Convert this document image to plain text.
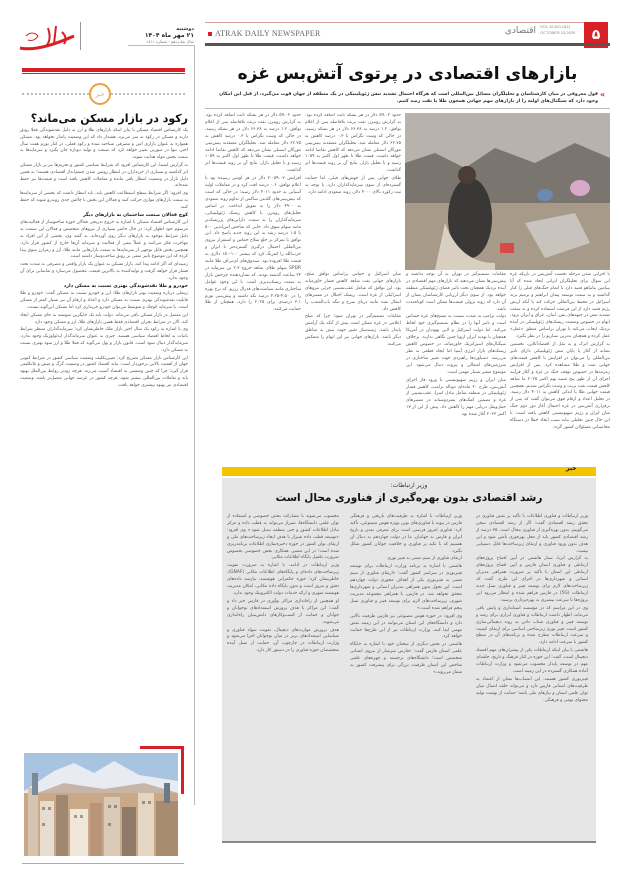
۵
VOL.16,NO.1811
OCTOBER 13.2025
اقتصادی
ATRAK DAILY NEWSPAPER
دوشنبه
۲۱ مهر ماه ۱۴۰۴
سال شانزدهم - شماره ۱۸۱۱
خبر
رکود در بازار مسکن می‌ماند؟

یک کارشناس اقتصاد مسکن با بیان اینکه بازارهای طلا و ارز به دلیل نقدشوندگی فعلا رونق دارند و مسکن در رکود به سر می‌برد، هشدار داد که این وضعیت پایدار نخواهد بود. مسکن همواره به عنوان بازاری امن و مصرفی شناخته شده و رکود فعلی، در کنار تورم هفت سال اخیر، تنها در صورتی تغییر خواهد کرد که صنعت و تولید دوباره جان بگیرد و سرمایه‌ها به سمت بخش مولد هدایت شوند.

به گزارش ایسنا، این کارشناس افزود که شرایط سیاسی کشور و تحریم‌ها نیز بر بازار مسکن اثر گذاشته و بسیاری از خریداران در انتظار روشن شدن چشم‌انداز اقتصادی هستند؛ به همین دلیل بازار در وضعیت انتظار باقی مانده و معاملات کاهش یافته است و قیمت‌ها نیز حفظ شده‌اند.

وی افزود: اگر شرایط سطح استطاعت کاهش یابد، باید انتظار داشت که بخشی از سرمایه‌ها به سمت بازارهای موازی حرکت کنند و فعالان این بخش با چالش جدی روبه‌رو شوند که حفظ کنند.

کوچ فعالان صنعت ساختمان به بازارهای دیگر

این کارشناس اقتصاد مسکن با اشاره به خروج تدریجی فعالان حوزه ساختوساز از فعالیت‌های مرسوم خود اظهار کرد: در حال حاضر بسیاری از نیروهای متخصص و فعالان این صنعت به دلیل شرایط موجود به بازارهای دیگر روی آورده‌اند. به گفته وی، بخشی از این افراد به مهاجرت فکر می‌کنند و عملاً نیمی از فعالیت و سرمایه آن‌ها خارج از کشور قرار دارد. همچنین بخش قابل توجهی از سرمایه‌ها به سمت بازارهایی مانند طلا، ارز و رمزارز سوق پیدا کرده که این موضوع تأثیر منفی بر رونق ساخت‌وساز داشته است.

زمینه‌ای که اگر ادامه پیدا کند، بازار مسکن به عنوان یک بازار واقعی و مصرفی به شدت تحت فشار قرار خواهد گرفت و تولیدکننده به بالاترین قیمت، محصول می‌سازد و تقاضایی برای آن وجود ندارد.

خودرو و طلا نقدشوندگی بهتری نسبت به مسکن دارد

زینعلی درباره وضعیت بهتر بازارهای طلا، ارز و خودرو نسبت به مسکن گفت: خودرو و طلا قابلیت نقدشوندگی بهتری نسبت به مسکن دارد و اعداد و ارقام آن نیز بسیار کمتر از مسکن است. با سرمایه کوچک و متوسط می‌توان خودرو خریداری کرد اما مسکن این‌گونه نیست.

این معضل در بازار مسکن باقی می‌ماند. دولت باید یک جایگزین سوتمند به جای مسکن ایجاد کند. الان در شرایط بحران اقتصادی فقط همین بازارهای طلا، ارز و مسکن وجود دارد.

وی با اشاره به رکود یک سال اخیر بازار ملک خاطرنشان کرد: سرمایه‌گذاران منتظر شرایط باثبات به لحاظ اقتصاد سیاسی هستند. چیزی به عنوان سرمایه‌گذار ایدئولوژیک وجود ندارد. سرمایه‌گذار دنبال سود است. قانون بازار و پول می‌گوید که فعلا طلا و ارز سود بهتری نسبت به مسکن دارد.

این کارشناس بازار مسکن تصریح کرد: تعیین‌تکلیف وضعیت سیاسی کشور در شرایط کنونی جهان از اهمیت بالایی برخوردار است. نباید اقتصاد کشور در وضعیت گرگ و میش و بلاتکلیفی قرار گیرد؛ چرا که چنین وضعیتی به اقتصاد آسیب می‌زند. هرچه زودتر روابط بین‌الملل بهبود یابد و تعاملات بین‌المللی بیشتر شود، هرچه کشور در عرصه جهانی متصل‌تر باشد، وضعیت اقتصادی نیز بهبود بیشتری خواهد یافت.

بازارهای اقتصادی در پرتوی آتش‌بس غزه
«
قول معروفی در میان کارشناسان و تحلیلگران مسائل بین‌المللی است که هرگاه احتمال تشدید تنش ژئوپلیتیکی در یک منطقه از جهان قوت می‌گیرد، از قبل این امکان وجود دارد که سیگنال‌های اولیه را از بازارهای مهم جهانی همچون طلا یا نفت رصد کنیم.

مقامات تصمیم‌گیر در تهران به آن توجه نداشته و پیش‌بینی‌ها نشان می‌دهند که بازارهای مهم اقتصادی در آینده نزدیک همچنان تحت تاثیر فضای ژئوپلیتیکی منطقه خواهد بود. از سوی دیگر ارزیابی کارشناسان نشان از آن دارد که روند نزولی قیمت‌ها ممکن است کوتاه‌مدت باشد.

دولت ترامپ به شدت نسبت به تشنج‌های غزه حساس است و تاثیر آنها را در نظام تصمیم‌گیری خود لحاظ می‌کند. اما دولت اسرائیل و لابی یهودیان در آمریکا همچنان با تهدید ایران اروپا چنین نگاهی ندارند. برخلاف سیگنال‌های اسپراتژیک خاورمیانه، در خصوص کاهش ریسک‌های بازار انرژی آسیا اما ایجاد قطعی به نظر می‌رسد. دستاوردها راهبردی جهت تغییر ساختاری در سرزمین‌های اشغالی و بیروت دنبال می‌شود. این موضوع متغیر بسیار مهمی است.

میان ایران و رژیم صهیونیستی با ورود فاز اجرای آتش‌بس، طرح ۲۰ ماده‌ای دونالد ترامپ، کاهش فشار ژئوپلیتیکی در منطقه شامل تبادل اسرا، عقب‌نشینی از غزه و تضمین کمک‌های بشردوستانه در مسیرهای حمل‌ونقل دریایی مهم را کاهش داد. پیش از این از ۱۷ اکتبر ۲۰۲۳ آغاز شده بود.

با اجرایی شدن مرحله نخست آتش‌بس در باریکه غزه این سوال برای تحلیلگران ایرانی ایجاد شده که آیا بنیامین نتانیاهو قصد دارد با اتمام جنگ‌های قبلی را کنار گذاشته و به سمت توسعه پیمان ابراهیم و ترمیم برند اسرائیل در محیط بین‌المللی حرکت کند یا آنکه ارتش رژیم قصد دارد از این فرصت استفاده کرده و به سمت تشدید تنش در جبهه‌های یمن، لبنان، عراق و ایران برود. ابهام در خصوص وضعیت ریسک‌های ژئوپلیتیکی در آینده نزدیک ایجاب می‌کند تا تهران براساس منطق «عقل» عمل کرده و همچنان بدترین سناریو را در نظر بگیرد.

به گزارش اترک و به نقل از اقتصادآنلاین، نخستین نشانه از آغاز یا پایان تنش ژئوپلیتیکی دارای تاثیر بین‌المللی را می‌توان در افزایش یا کاهش قیمت‌های جهانی نفت و طلا مشاهده کرد. پس از افزایش زمزمه‌ها در خصوص توقف جنگ در غزه و آغاز فرآیند اجرای آن از ظهر پنج شنبه نهم اکتبر ۲۰۲۵ ما شاهد کاهش قیمت نفت برنت و وست تگزاس شدیم. همچنین قیمت جهانی طلا با اندکی کاهش به ۴۰۱۱ دلار رسید. در تحلیل اعداد و ارقام فوق می‌توان گفت که پس از برقراری آتش‌بس در غزه احتمال آغاز دور دوم جنگ میان ایران و رژیم صهیونیستی کاهش یافته است. با این حال چنین تحلیلی نباید سبب ایجاد خطا در دستگاه محاسباتی مسئولان کشور گردد.

حدود ۵۹.۰۲ دلار در هر بشکه ثابت اضافه کرده بود. به گزارش رویترز، نفت برنت بلافاصله پس از اعلام توافق، ۱.۲ درصد به ۶۶.۳۸ دلار در هر بشکه رسید، در حالی که وست تگزاس با ۰.۳ درصد کاهش به ۶۲.۷۵ دلار معامله شد. تحلیلگران معتقدند بیش‌بینی مورگان استنلی نشان می‌دهد که کاهش تقاضا ادامه خواهد داشت. قیمت طلا تا ظهر اول اکتبر به ۱۰۵۹ رسید و با تحلیل بازار، نتایج آن بر روند قیمت‌ها اثر گذاشت.

طلای جهانی پس از جهش‌های قبلی، اما حمایت گسترده‌ای از سوی سرمایه‌گذاران دارد. با توجه به ثبت رکورد بالای ۴۰۰۰ دلار، روند صعودی ادامه دارد.

میان اسرائیل و حماس براساس توافق صلح، بازارهای جهانی نفت شاهد کاهش فشار خاورمیانه بود. این توافق که شامل عقب‌نشینی جزئی نیروهای اسرائیلی از غزه است، ریسک اختلال در مسیرهای انتقال نفت مانند دریای سرخ و تنگه باب‌المندب را کاهش داد.

مقامات تصمیم‌گیر در تهران شود؛ چرا که صلح اعلامی در غزه ممکن است بیش از آنکه یک آرامش پایدار باشد، زمینه‌ساز تغییر جهت تنش به مناطق دیگر باشد. بازارهای جهانی نیز این ابهام را منعکس می‌کنند.

حدود ۵۹.۰۲ دلار در هر بشکه ثابت اضافه کرده بود. به گزارش رویترز، نفت برنت بلافاصله پس از اعلام توافق، ۱.۲ درصد به ۶۶.۳۸ دلار در هر بشکه رسید، در حالی که وست تگزاس با ۰.۳ درصد کاهش به ۶۲.۷۵ دلار معامله شد. تحلیلگران معتقدند بیش‌بینی مورگان استنلی نشان می‌دهد که کاهش تقاضا ادامه خواهد داشت. قیمت طلا تا ظهر اول اکتبر به ۱۰۵۹ رسید و با تحلیل بازار، نتایج آن بر روند قیمت‌ها اثر گذاشت.

افزایش ۲.۰۵۹.۰۷ دلار در هر اونس رسیده بود با اعلام توافق، ۰.۶ درصد افت کرد و در معاملات اولیه آسیایی به حدود ۴۰۱۱ دلار رسید؛ در حالی که است که بیش‌بینی‌های گلدمن ساکس از تداوم روند صعودی به ۴۹۰۰ دلار را به تعویق انداخت. بر اساس تحلیل‌های رویترز، با کاهش ریسک ژئوپلیتیکی، سرمایه‌گذاران را به سمت دارایی‌های پرریسک‌تر مانند سهام سوق داد. جایی که شاخص اس‌اند‌پی ۵۰۰ با ۱.۵ درصد رشد به این روند جدید پاسخ داد. این توافق با تمرکز بر خلع سلاح حماس و استقرار نیروی بین‌المللی احتمال درگیری گسترده‌تر با ایران و حزب‌الله را کمرنگ کرد که بیشتر ۱۰۰-۱۵۰ دلاری به قیمت طلا افزوده بود. صندوق‌های ای‌تی‌اف طلا مانند SPDR سهام طلای شاهد خروج ۲.۳ تن سرمایه در ۲۴ ساعت گذشته بودند، که نشان‌دهنده چرخش بازار به سمت ریسک‌پذیری است. با این وجود عوامل ساختاری مانند سیاست‌های فدرال رزرو، که نرخ بهره را در ۴.۵۰-۴.۲۵ درصد نگه داشته و پیش‌بینی تورم ۳.۱ درصدی برای ۲۰۲۵ را دارد، همچنان از طلا حمایت می‌کنند.

خبر
وزیر ارتباطات:
رشد اقتصادی بدون بهره‌گیری از فناوری محال است

وزیر ارتباطات و فناوری اطلاعات با تأکید بر نقش فناوری در تحقق رشد اقتصادی گفت: اگر از رشد اقتصادی سخن می‌گوییم، بدون بهره‌گیری از فناوری محال است. ۳۵ درصد از رشد اقتصادی کشور باید از محل بهره‌وری تأمین شود و این هدف بدون ورود فناوری و ارتقای زیرساخت‌ها قابل دستیابی نیست.

به گزارش ایرنا، ستار هاشمی در آیین افتتاح پروژه‌های ارتباطی و فناوری استان فارس و آیین افتتاح پروژه‌های ارتباطی این استان با تأکید بر ضرورت همراهی مدیران استانی و شهرداری‌ها در اجرای این طرح، گفت که زیرساخت‌های لازم برای توسعه فیبر و فناوری نسل جدید ارتباطات (5G) در فارس فراهم شده و انتظار می‌رود این پروژه‌ها با سرعت بیشتری به بهره‌برداری برسند.

وی در این مراسم که در مؤسسه استانداری و پایش باقی می‌ماند، اظهار داشت ارتباطات و فناوری ابزاری برای رشد و توسعه فیبر و فناوری شتاب دادن به روند دیجیتالی‌سازی کشور است. فیبر نوری زیرساختی اساسی برای ارتقای کیفیت و سرعت ارتباطات مطرح شده و برنامه‌های آن در سطح کشور با سرعت ادامه دارد.

هاشمی با بیان اینکه ارتباطات یکی از پیشران‌های مهم اقتصاد دیجیتال است، گفت: این حوزه در کنار فرهنگ و تاریخ، حلقه‌ای مهم در توسعه پایدار محسوب می‌شود و وزارت ارتباطات آماده همکاری گسترده در این زمینه است.

فیبرنوری کشور هستند. این انتصاب‌ها نشان از اعتماد به ظرفیت‌های انسانی فارس دارد و می‌تواند حلقه اتصال میان توان علمی استان و نیازهای ملی باشد؛ حمایت از نهضت تولید محتوای بومی و فرهنگی.

وزیر ارتباطات با اشاره به ظرفیت‌های تاریخی و فرهنگی فارس در پیوند با فناوری‌های نوین بویژه هوش مصنوعی، تأکید کرد: فناوری امروز فرصتی است برای معرفی تمدن و تاریخ ایران و فارس به جهانیان. ما در دولت چهاردهم به دنبال آن هستیم که با تکیه بر فناوری و خلاقیت جوانان کشور شکل بگیرد.

ارتقای فناوری از سیم مسی به فیبر نوری

هاشمی با اشاره به برنامه وزارت ارتباطات برای توسعه فیبرنوری در سراسر کشور گفت: «ارتقای فناوری از سیم مسی به فیبرنوری یکی از اهداف محوری دولت چهاردهم است. این تحول بدون همراهی مدیران استانی و شهرداری‌ها محقق نخواهد شد. در فارس، با همراهی مجموعه مدیریت شهری، زیرساخت‌های لازم برای توسعه فیبر و فناوری نسل پنجم فراهم شده است.»

وی افزود: در حوزه هوش مصنوعی نیز فارس ظرفیت بالایی دارد و دانشگاه‌های این استان می‌توانند در این زمینه نقش مهمی ایفا کنند. وزارت ارتباطات نیز از این طرح‌ها حمایت خواهد کرد.

هاشمی در بخش دیگری از سخنان خود با اشاره به جایگاه علمی استان فارس گفت: «فارس سرشار از نیروی انسانی متخصص است؛ دانشگاه‌های برجسته و چهره‌های علمی شاخص این استان ظرفیت بزرگی برای پیشرفت کشور به شمار می‌روند.»

محسوب می‌شوند با مشارکت بخش خصوصی و استفاده از توان علمی دانشگاه‌ها، شیراز می‌تواند به قطب داده و مرکز تبادل اطلاعات کشور و حتی منطقه تبدیل شود.» وی افزود: «توسعه قطب داده شیراز با هدف ایجاد زیرساخت‌های ملی و ارتقای توان کشور در حوزه ذخیره‌سازی اطلاعات برنامه‌ریزی شده است؛ در این مسیر، همکاری بخش خصوصی بخصوص ضرورت تکمیل پایگاه اطلاعات مکانی.

وزیر ارتباطات در ادامه، با اشاره به ضرورت تقویت زیرساخت‌های داده‌ای و پایگاه‌های اطلاعات مکانی (GNAF)، خاطرنشان کرد: حوزه حکمرانی هوشمند، نیازمند داده‌های دقیق و به‌روز است و بدون پایگاه داده مکانی، امکان مدیریت هوشمند شهری و ارائه خدمات دولت الکترونیک وجود ندارد.

او همچنین از راه‌اندازی مراکز نوآوری در فارس خبر داد و گفت: این مراکز با هدف پرورش استعدادهای نوجوانان و جوانان و حمایت از کسب‌وکارهای دانش‌بنیان راه‌اندازی می‌شوند.

هدف پرورش مهارت‌های دیجیتال، تقویت سواد فناوری و شناسایی استعدادهای برتر در میان نوجوانان اجرا می‌شود و وزارت ارتباطات در چارچوب آن، حمایت از نسل آینده متخصصان حوزه فناوری را در دستور کار دارد.
